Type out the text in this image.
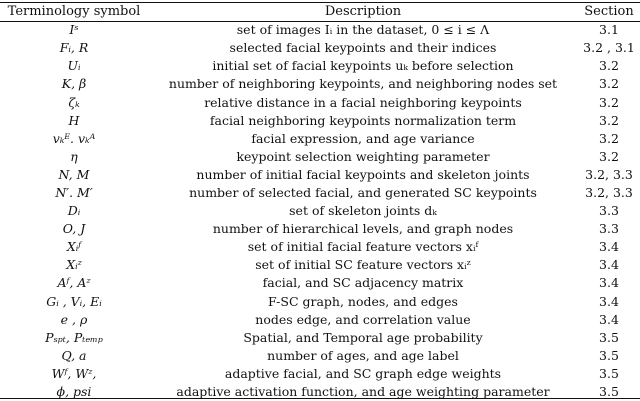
Terminology symbol	Description	Section
Iˢ	set of images Iᵢ in the dataset, 0 ≤ i ≤ Λ	3.1
Fᵢ, R	selected facial keypoints and their indices	3.2 , 3.1
Uᵢ	initial set of facial keypoints uₖ before selection	3.2
K, β	number of neighboring keypoints, and neighboring nodes set	3.2
ζₖ	relative distance in a facial neighboring keypoints	3.2
H	facial neighboring keypoints normalization term	3.2
vₖᴱ. vₖᴬ	facial expression, and age variance	3.2
η	keypoint selection weighting parameter	3.2
N, M	number of initial facial keypoints and skeleton joints	3.2, 3.3
N′. M′	number of selected facial, and generated SC keypoints	3.2, 3.3
Dᵢ	set of skeleton joints dₖ	3.3
O, J	number of hierarchical levels, and graph nodes	3.3
Xᵢᶠ	set of initial facial feature vectors xᵢᶠ	3.4
Xᵢᶻ	set of initial SC feature vectors xᵢᶻ	3.4
Aᶠ, Aᶻ	facial, and SC adjacency matrix	3.4
Gᵢ , Vᵢ, Eᵢ	F-SC graph, nodes, and edges	3.4
e , ρ	nodes edge, and correlation value	3.4
Pₛₚₜ, Pₜₑₘₚ	Spatial, and Temporal age probability	3.5
Q, a	number of ages, and age label	3.5
Wᶠ, Wᶻ,	adaptive facial, and SC graph edge weights	3.5
ϕ, psi	adaptive activation function, and age weighting parameter	3.5
